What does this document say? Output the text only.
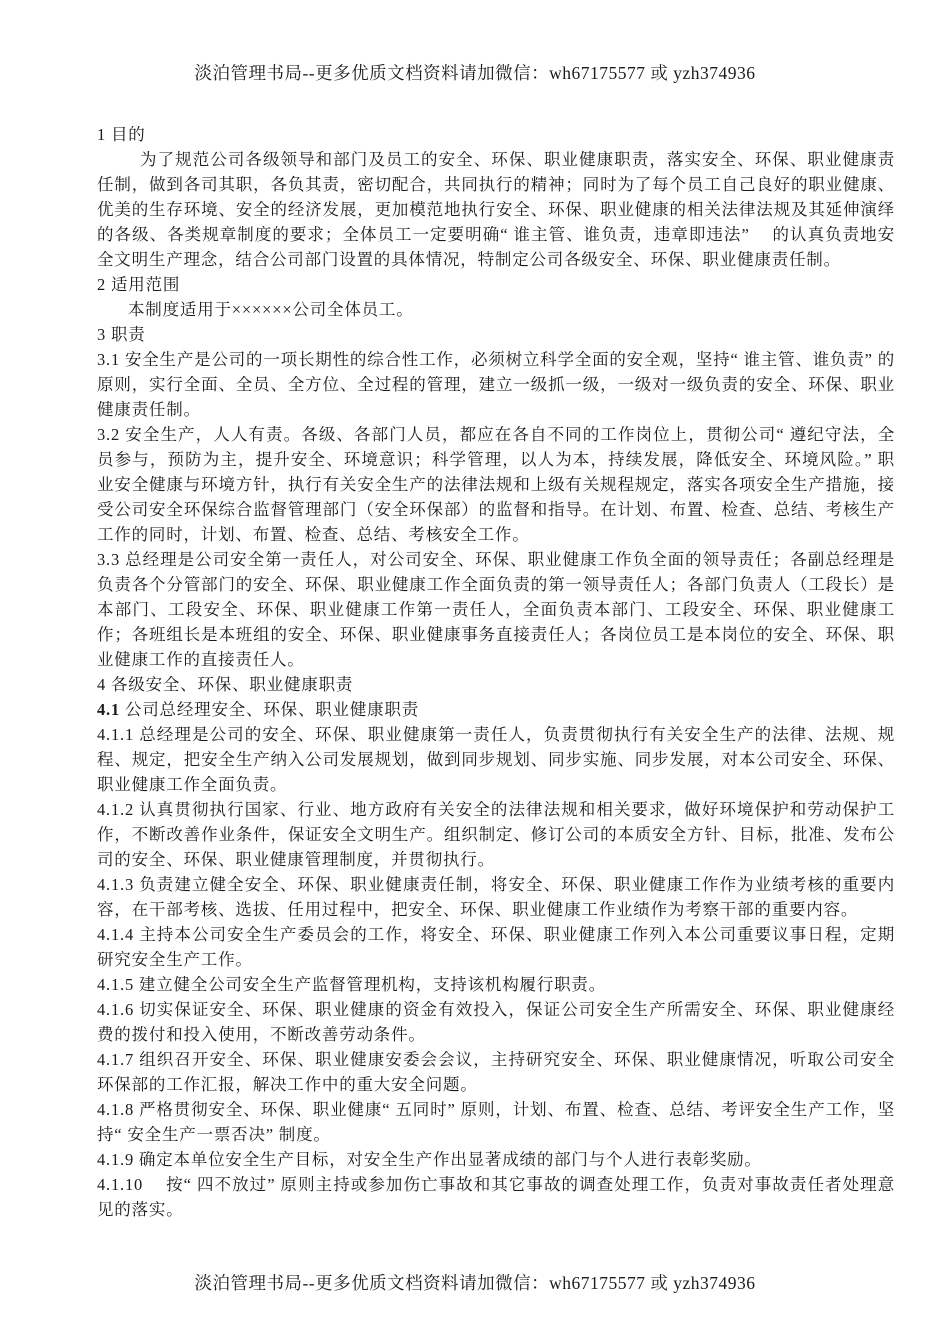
淡泊管理书局--更多优质文档资料请加微信：wh67175577 或 yzh374936

1 目的

为了规范公司各级领导和部门及员工的安全、环保、职业健康职责，落实安全、环保、职业健康责任制，做到各司其职，各负其责，密切配合，共同执行的精神；同时为了每个员工自己良好的职业健康、优美的生存环境、安全的经济发展，更加模范地执行安全、环保、职业健康的相关法律法规及其延伸演绎的各级、各类规章制度的要求；全体员工一定要明确“ 谁主管、谁负责，违章即违法”　 的认真负责地安全文明生产理念，结合公司部门设置的具体情况，特制定公司各级安全、环保、职业健康责任制。

2 适用范围

本制度适用于××××××公司全体员工。

3 职责

3.1 安全生产是公司的一项长期性的综合性工作，必须树立科学全面的安全观，坚持“ 谁主管、谁负责” 的原则，实行全面、全员、全方位、全过程的管理，建立一级抓一级，一级对一级负责的安全、环保、职业健康责任制。

3.2 安全生产，人人有责。各级、各部门人员，都应在各自不同的工作岗位上，贯彻公司“ 遵纪守法，全员参与，预防为主，提升安全、环境意识；科学管理，以人为本，持续发展，降低安全、环境风险。” 职业安全健康与环境方针，执行有关安全生产的法律法规和上级有关规程规定，落实各项安全生产措施，接受公司安全环保综合监督管理部门（安全环保部）的监督和指导。在计划、布置、检查、总结、考核生产工作的同时，计划、布置、检查、总结、考核安全工作。

3.3 总经理是公司安全第一责任人，对公司安全、环保、职业健康工作负全面的领导责任；各副总经理是负责各个分管部门的安全、环保、职业健康工作全面负责的第一领导责任人；各部门负责人（工段长）是本部门、工段安全、环保、职业健康工作第一责任人，全面负责本部门、工段安全、环保、职业健康工作；各班组长是本班组的安全、环保、职业健康事务直接责任人；各岗位员工是本岗位的安全、环保、职业健康工作的直接责任人。

4 各级安全、环保、职业健康职责

4.1 公司总经理安全、环保、职业健康职责

4.1.1 总经理是公司的安全、环保、职业健康第一责任人，负责贯彻执行有关安全生产的法律、法规、规程、规定，把安全生产纳入公司发展规划，做到同步规划、同步实施、同步发展，对本公司安全、环保、职业健康工作全面负责。

4.1.2 认真贯彻执行国家、行业、地方政府有关安全的法律法规和相关要求，做好环境保护和劳动保护工作，不断改善作业条件，保证安全文明生产。组织制定、修订公司的本质安全方针、目标，批准、发布公司的安全、环保、职业健康管理制度，并贯彻执行。

4.1.3 负责建立健全安全、环保、职业健康责任制，将安全、环保、职业健康工作作为业绩考核的重要内容，在干部考核、选拔、任用过程中，把安全、环保、职业健康工作业绩作为考察干部的重要内容。

4.1.4 主持本公司安全生产委员会的工作，将安全、环保、职业健康工作列入本公司重要议事日程，定期研究安全生产工作。

4.1.5 建立健全公司安全生产监督管理机构，支持该机构履行职责。

4.1.6 切实保证安全、环保、职业健康的资金有效投入，保证公司安全生产所需安全、环保、职业健康经费的拨付和投入使用，不断改善劳动条件。

4.1.7 组织召开安全、环保、职业健康安委会会议，主持研究安全、环保、职业健康情况，听取公司安全环保部的工作汇报，解决工作中的重大安全问题。

4.1.8 严格贯彻安全、环保、职业健康“ 五同时” 原则，计划、布置、检查、总结、考评安全生产工作，坚持“ 安全生产一票否决” 制度。

4.1.9 确定本单位安全生产目标，对安全生产作出显著成绩的部门与个人进行表彰奖励。

4.1.10　 按“ 四不放过” 原则主持或参加伤亡事故和其它事故的调查处理工作，负责对事故责任者处理意见的落实。

淡泊管理书局--更多优质文档资料请加微信：wh67175577 或 yzh374936
